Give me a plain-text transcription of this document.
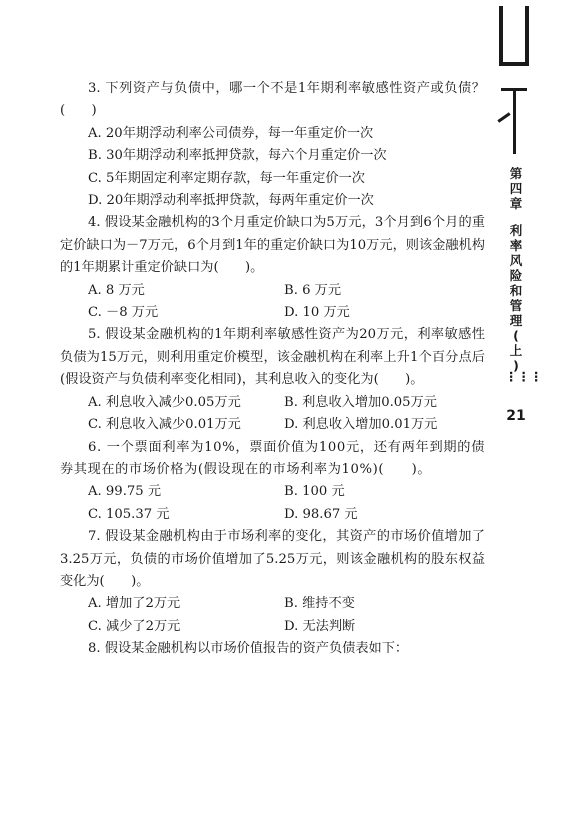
第
四
章
利
率
风
险
和
管
理
(
上
)
⋮⋮⋮
21

3. 下列资产与负债中，哪一个不是1年期利率敏感性资产或负债？(　　)

A. 20年期浮动利率公司债券，每一年重定价一次

B. 30年期浮动利率抵押贷款，每六个月重定价一次

C. 5年期固定利率定期存款，每一年重定价一次

D. 20年期浮动利率抵押贷款，每两年重定价一次

4. 假设某金融机构的3个月重定价缺口为5万元，3个月到6个月的重定价缺口为－7万元，6个月到1年的重定价缺口为10万元，则该金融机构的1年期累计重定价缺口为(　　)。

A. 8 万元	B. 6 万元
C. －8 万元	D. 10 万元

5. 假设某金融机构的1年期利率敏感性资产为20万元，利率敏感性负债为15万元，则利用重定价模型，该金融机构在利率上升1个百分点后(假设资产与负债利率变化相同)，其利息收入的变化为(　　)。

A. 利息收入减少0.05万元	B. 利息收入增加0.05万元
C. 利息收入减少0.01万元	D. 利息收入增加0.01万元

6. 一个票面利率为10%，票面价值为100元，还有两年到期的债券其现在的市场价格为(假设现在的市场利率为10%)(　　)。

A. 99.75 元	B. 100 元
C. 105.37 元	D. 98.67 元

7. 假设某金融机构由于市场利率的变化，其资产的市场价值增加了3.25万元，负债的市场价值增加了5.25万元，则该金融机构的股东权益变化为(　　)。

A. 增加了2万元	B. 维持不变
C. 减少了2万元	D. 无法判断

8. 假设某金融机构以市场价值报告的资产负债表如下：
